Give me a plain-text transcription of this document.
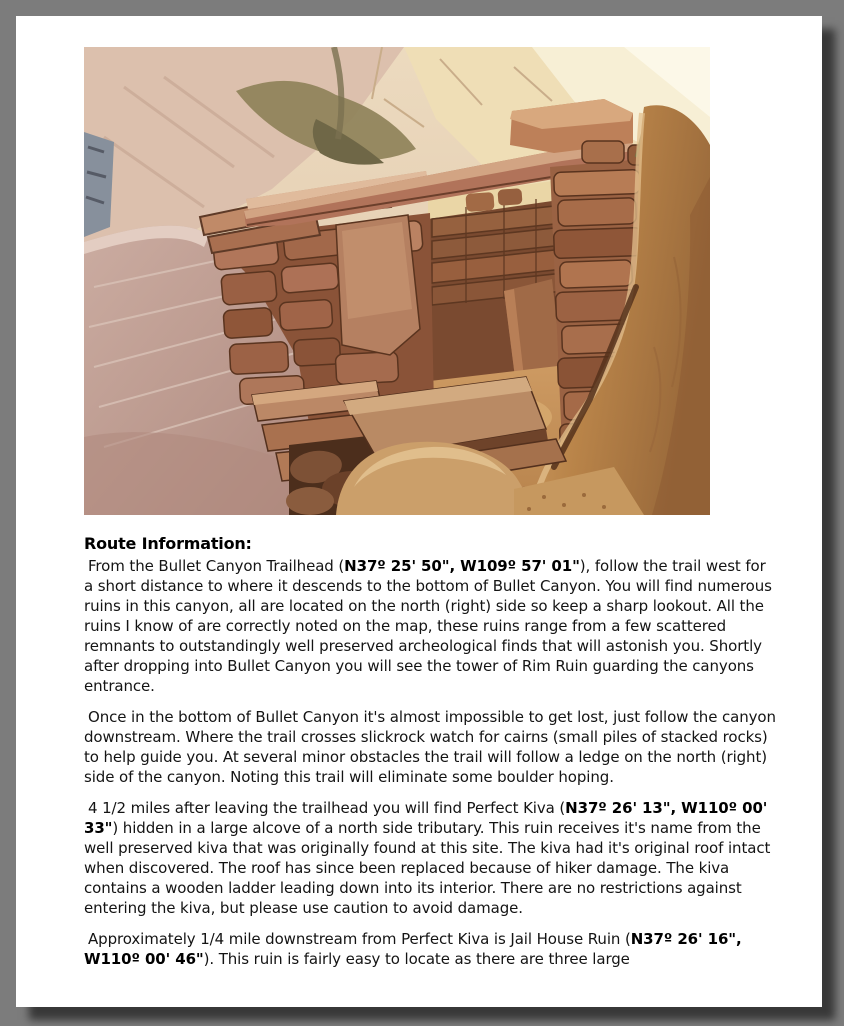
Route Information:

From the Bullet Canyon Trailhead (N37º 25' 50", W109º 57' 01"), follow the trail west for a short distance to where it descends to the bottom of Bullet Canyon. You will find numerous ruins in this canyon, all are located on the north (right) side so keep a sharp lookout. All the ruins I know of are correctly noted on the map, these ruins range from a few scattered remnants to outstandingly well preserved archeological finds that will astonish you. Shortly after dropping into Bullet Canyon you will see the tower of Rim Ruin guarding the canyons entrance.

Once in the bottom of Bullet Canyon it's almost impossible to get lost, just follow the canyon downstream. Where the trail crosses slickrock watch for cairns (small piles of stacked rocks) to help guide you. At several minor obstacles the trail will follow a ledge on the north (right) side of the canyon. Noting this trail will eliminate some boulder hoping.

4 1/2 miles after leaving the trailhead you will find Perfect Kiva (N37º 26' 13", W110º 00' 33") hidden in a large alcove of a north side tributary. This ruin receives it's name from the well preserved kiva that was originally found at this site. The kiva had it's original roof intact when discovered. The roof has since been replaced because of hiker damage. The kiva contains a wooden ladder leading down into its interior. There are no restrictions against entering the kiva, but please use caution to avoid damage.

Approximately 1/4 mile downstream from Perfect Kiva is Jail House Ruin (N37º 26' 16", W110º 00' 46"). This ruin is fairly easy to locate as there are three large
